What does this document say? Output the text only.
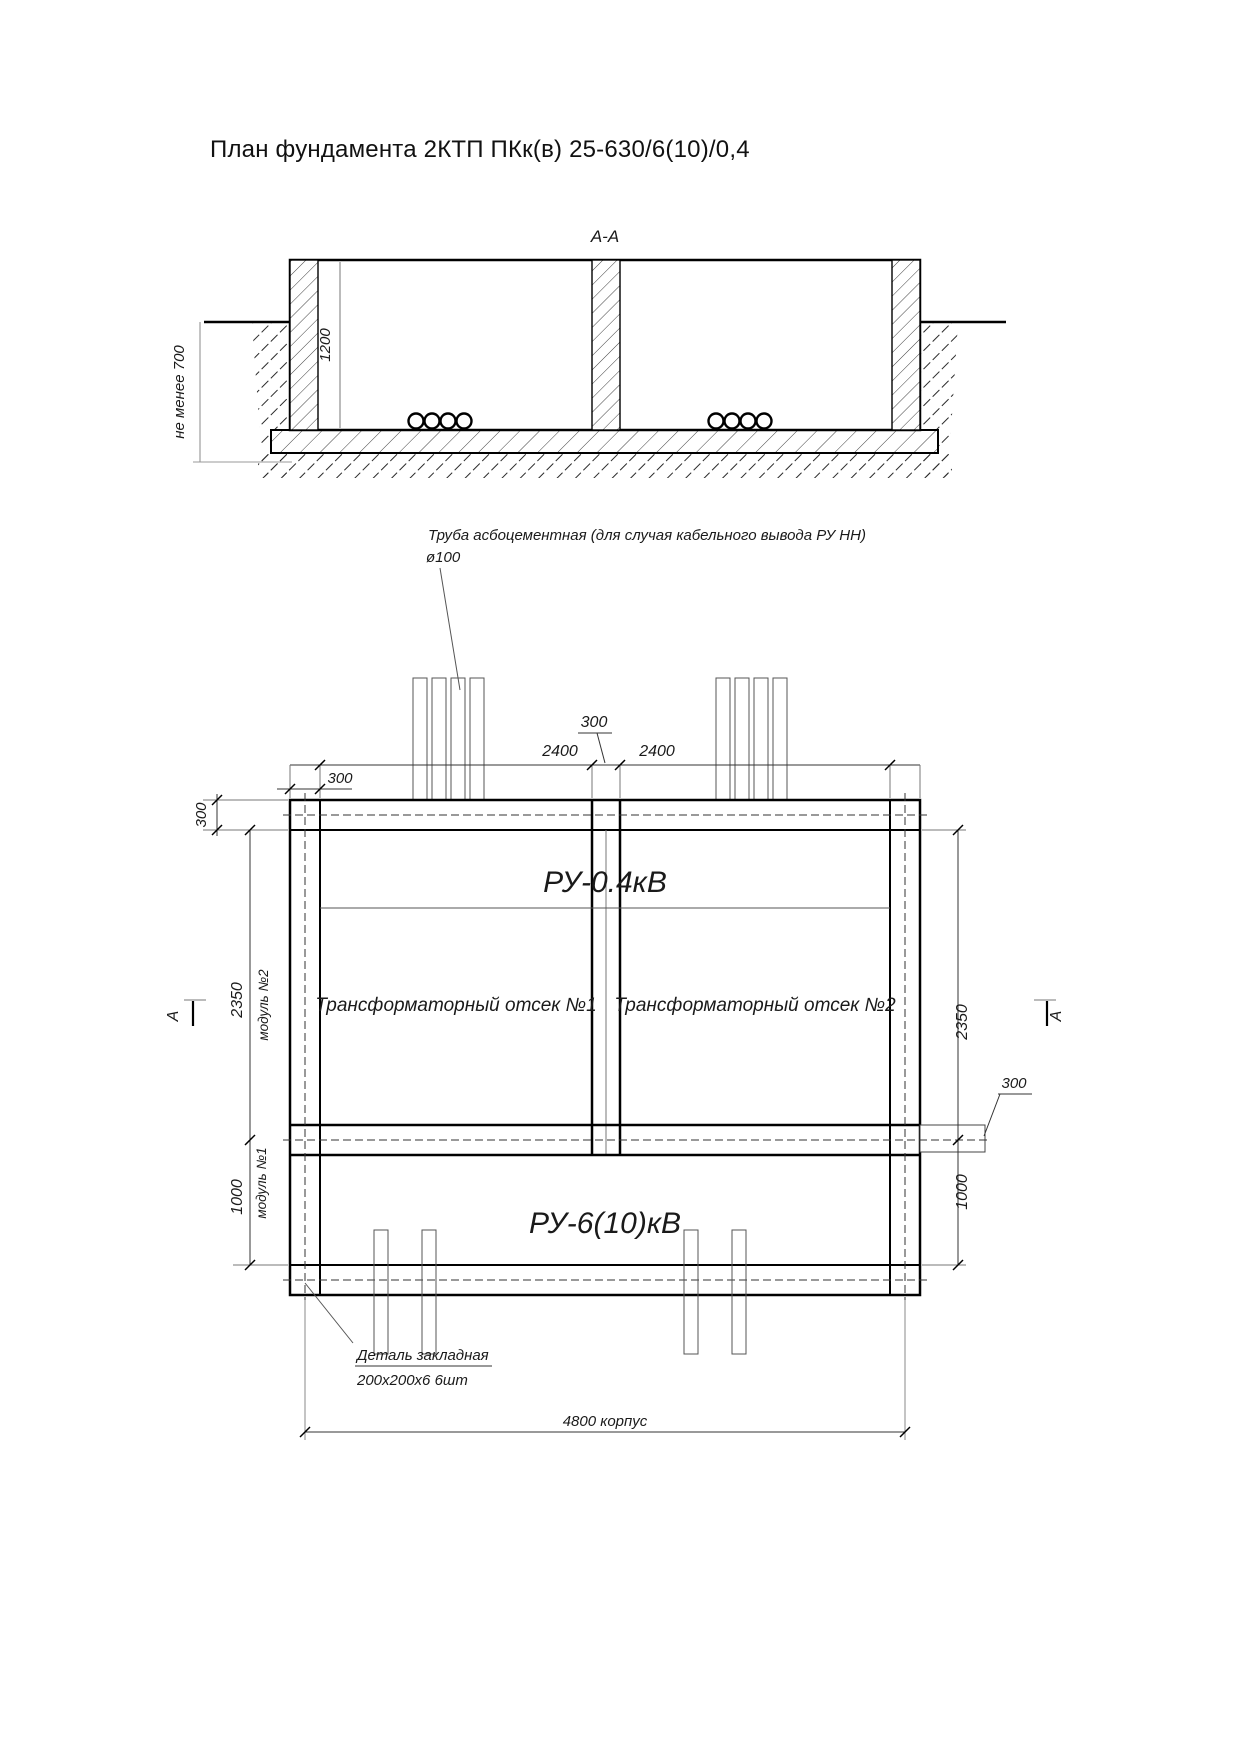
План фундамента 2КТП ПКк(в) 25-630/6(10)/0,4
А-А
1200
не менее 700
Труба асбоцементная (для случая кабельного вывода РУ НН)
ø100
2400	2400
300
300
300
РУ-0.4кВ
Трансформаторный отсек №1 Трансформаторный отсек №2
РУ-6(10)кВ
2350 модуль №2
1000 модуль №1
2350
1000
300
А	А
Деталь закладная
200х200х6 6шт
4800 корпус
